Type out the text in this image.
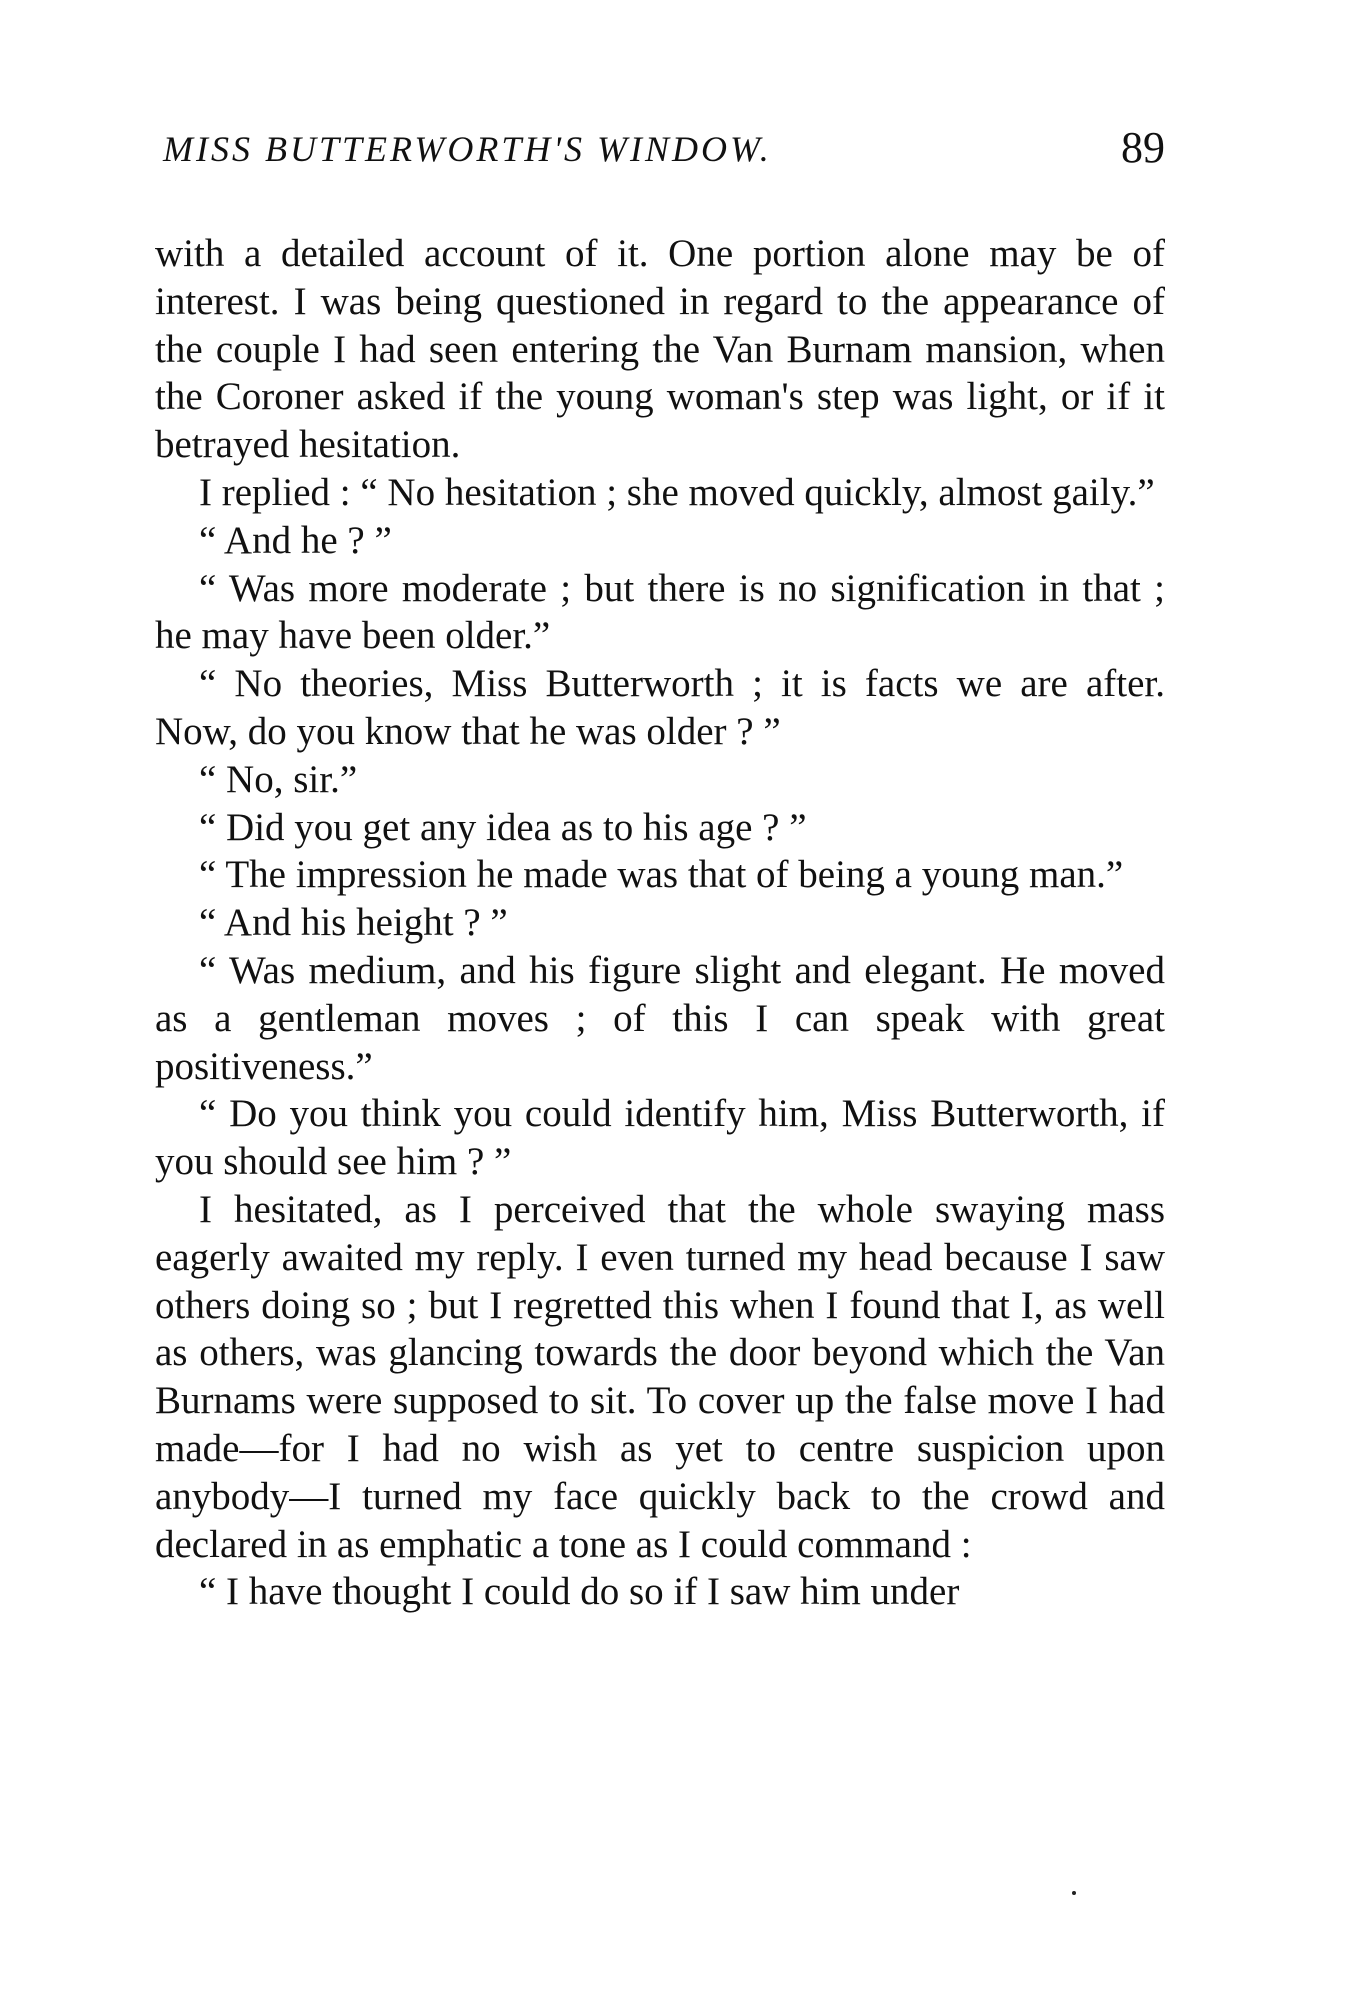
MISS BUTTERWORTH'S WINDOW.	89

with a detailed account of it. One portion alone may be of interest. I was being questioned in regard to the appearance of the couple I had seen entering the Van Burnam mansion, when the Coroner asked if the young woman's step was light, or if it betrayed hesitation.

I replied : “ No hesitation ; she moved quickly, almost gaily.”

“ And he ? ”

“ Was more moderate ; but there is no signification in that ; he may have been older.”

“ No theories, Miss Butterworth ; it is facts we are after. Now, do you know that he was older ? ”

“ No, sir.”

“ Did you get any idea as to his age ? ”

“ The impression he made was that of being a young man.”

“ And his height ? ”

“ Was medium, and his figure slight and elegant. He moved as a gentleman moves ; of this I can speak with great positiveness.”

“ Do you think you could identify him, Miss Butterworth, if you should see him ? ”

I hesitated, as I perceived that the whole swaying mass eagerly awaited my reply. I even turned my head because I saw others doing so ; but I regretted this when I found that I, as well as others, was glancing towards the door beyond which the Van Burnams were supposed to sit. To cover up the false move I had made—for I had no wish as yet to centre suspicion upon anybody—I turned my face quickly back to the crowd and declared in as emphatic a tone as I could command :

“ I have thought I could do so if I saw him under
